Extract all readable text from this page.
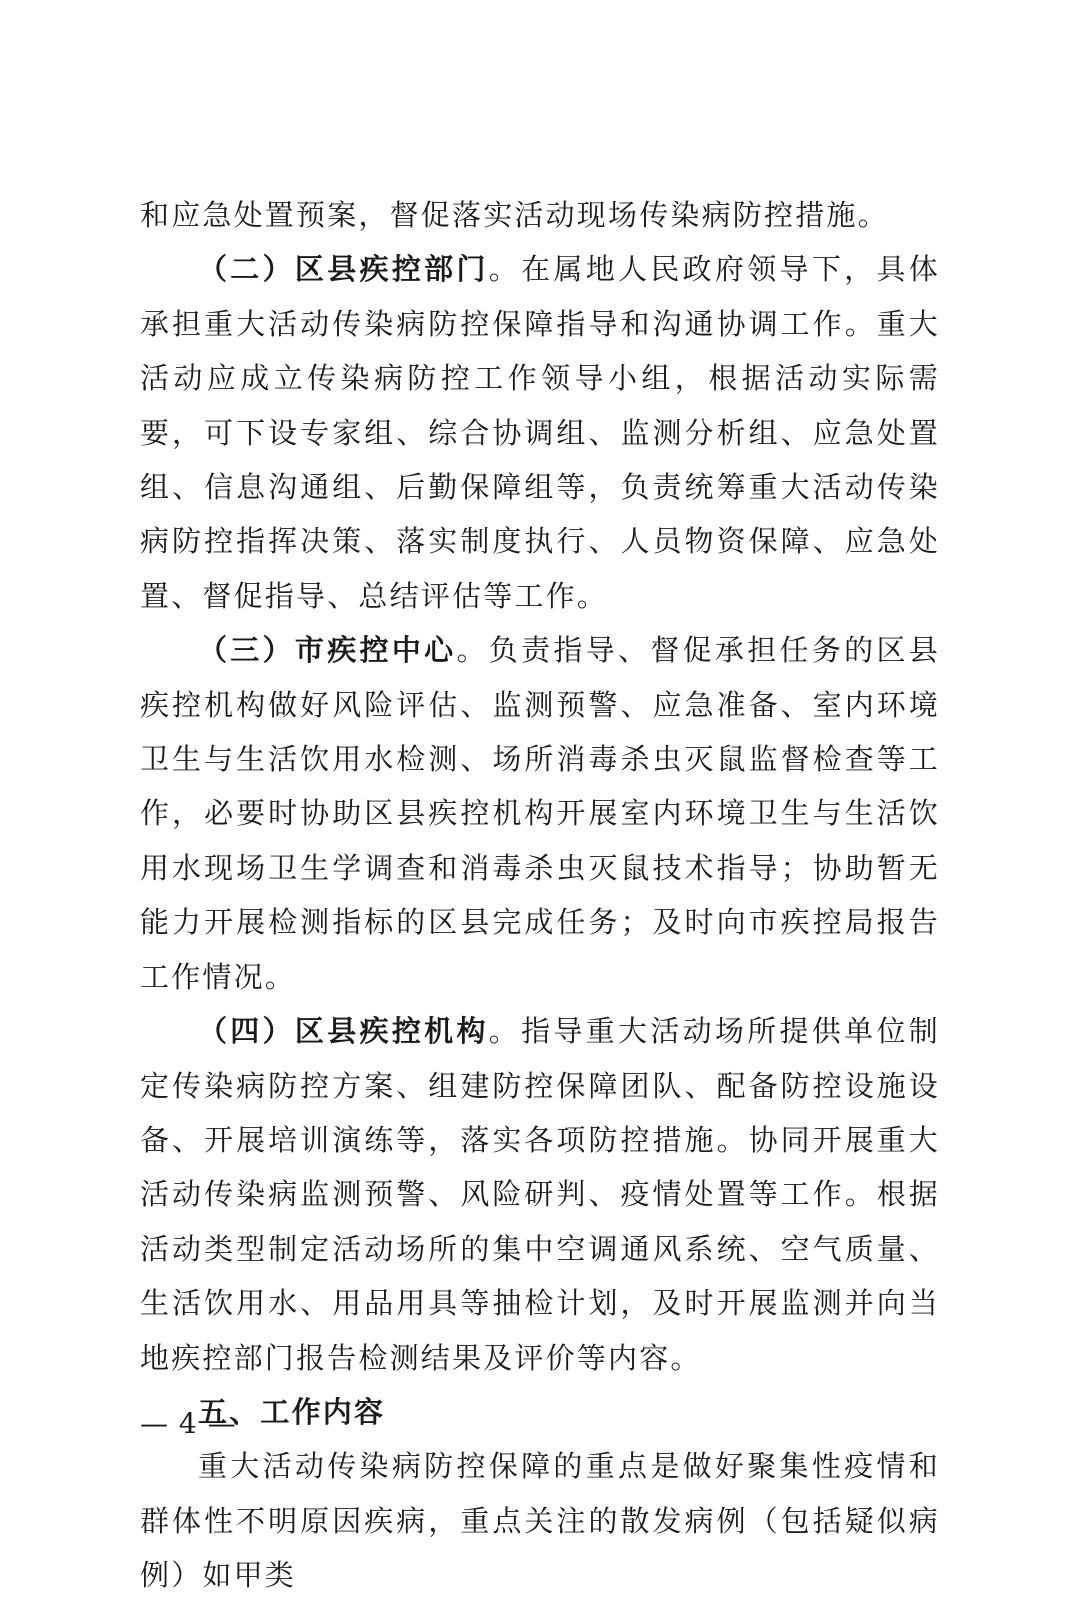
和应急处置预案，督促落实活动现场传染病防控措施。

（二）区县疾控部门。在属地人民政府领导下，具体承担重大活动传染病防控保障指导和沟通协调工作。重大活动应成立传染病防控工作领导小组，根据活动实际需要，可下设专家组、综合协调组、监测分析组、应急处置组、信息沟通组、后勤保障组等，负责统筹重大活动传染病防控指挥决策、落实制度执行、人员物资保障、应急处置、督促指导、总结评估等工作。

（三）市疾控中心。负责指导、督促承担任务的区县疾控机构做好风险评估、监测预警、应急准备、室内环境卫生与生活饮用水检测、场所消毒杀虫灭鼠监督检查等工作，必要时协助区县疾控机构开展室内环境卫生与生活饮用水现场卫生学调查和消毒杀虫灭鼠技术指导；协助暂无能力开展检测指标的区县完成任务；及时向市疾控局报告工作情况。

（四）区县疾控机构。指导重大活动场所提供单位制定传染病防控方案、组建防控保障团队、配备防控设施设备、开展培训演练等，落实各项防控措施。协同开展重大活动传染病监测预警、风险研判、疫情处置等工作。根据活动类型制定活动场所的集中空调通风系统、空气质量、生活饮用水、用品用具等抽检计划，及时开展监测并向当地疾控部门报告检测结果及评价等内容。

五、工作内容

重大活动传染病防控保障的重点是做好聚集性疫情和群体性不明原因疾病，重点关注的散发病例（包括疑似病例）如甲类

— 4 —
